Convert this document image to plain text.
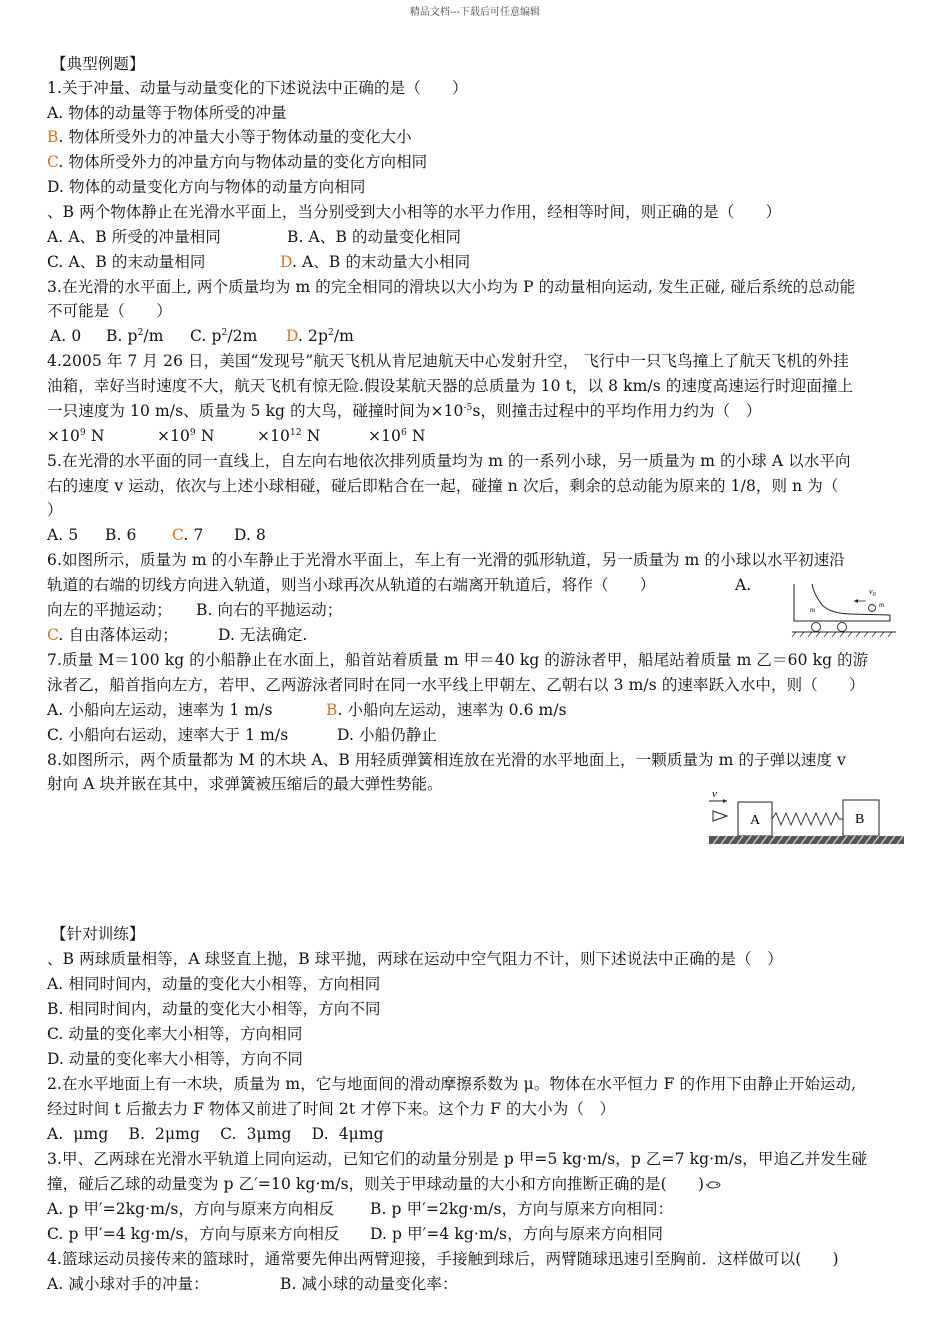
精品文档---下载后可任意编辑
【典型例题】
1.关于冲量、动量与动量变化的下述说法中正确的是（　　）
A. 物体的动量等于物体所受的冲量
B. 物体所受外力的冲量大小等于物体动量的变化大小
C. 物体所受外力的冲量方向与物体动量的变化方向相同
D. 物体的动量变化方向与物体的动量方向相同
、B 两个物体静止在光滑水平面上，当分别受到大小相等的水平力作用，经相等时间，则正确的是（　　）
A. A、B 所受的冲量相同	B. A、B 的动量变化相同
C. A、B 的末动量相同	D. A、B 的末动量大小相同
3.在光滑的水平面上, 两个质量均为 m 的完全相同的滑块以大小均为 P 的动量相向运动, 发生正碰, 碰后系统的总动能
不可能是（　　）
A. 0 B. $p^2/m$ C. $p^2/2m$ D. $2p^2/m$
4.2005 年 7 月 26 日，美国“发现号”航天飞机从肯尼迪航天中心发射升空， 飞行中一只飞鸟撞上了航天飞机的外挂
油箱，幸好当时速度不大，航天飞机有惊无险.假设某航天器的总质量为 10 t，以 8 km/s 的速度高速运行时迎面撞上
一只速度为 10 m/s、质量为 5 kg 的大鸟，碰撞时间为$\times 10^{-5}s$，则撞击过程中的平均作用力约为（　）
$\times 10^9$ N	$\times 10^9$ N	$\times 10^{12}$ N	$\times 10^6$ N
5.在光滑的水平面的同一直线上，自左向右地依次排列质量均为 m 的一系列小球，另一质量为 m 的小球 A 以水平向
右的速度 v 运动，依次与上述小球相碰，碰后即粘合在一起，碰撞 n 次后，剩余的总动能为原来的 1/8，则 n 为（
）
A. 5 B. 6 C. 7 D. 8
6.如图所示，质量为 m 的小车静止于光滑水平面上，车上有一光滑的弧形轨道，另一质量为 m 的小球以水平初速沿
轨道的右端的切线方向进入轨道，则当小球再次从轨道的右端离开轨道后，将作（　　）	A.
向左的平抛运动； B. 向右的平抛运动；
C. 自由落体运动；	D. 无法确定.
$v_0$
m
m
7.质量 M＝100 kg 的小船静止在水面上，船首站着质量 m 甲＝40 kg 的游泳者甲，船尾站着质量 m 乙＝60 kg 的游
泳者乙，船首指向左方，若甲、乙两游泳者同时在同一水平线上甲朝左、乙朝右以 3 m/s 的速率跃入水中，则（　　）
A. 小船向左运动，速率为 1 m/s	B. 小船向左运动，速率为 0.6 m/s
C. 小船向右运动，速率大于 1 m/s	D. 小船仍静止
8.如图所示，两个质量都为 M 的木块 A、B 用轻质弹簧相连放在光滑的水平地面上，一颗质量为 m 的子弹以速度 v
射向 A 块并嵌在其中，求弹簧被压缩后的最大弹性势能。
v
A	B
【针对训练】
、B 两球质量相等，A 球竖直上抛，B 球平抛，两球在运动中空气阻力不计，则下述说法中正确的是（　）
A. 相同时间内，动量的变化大小相等，方向相同
B. 相同时间内，动量的变化大小相等，方向不同
C. 动量的变化率大小相等，方向相同
D. 动量的变化率大小相等，方向不同
2.在水平地面上有一木块，质量为 m，它与地面间的滑动摩擦系数为 μ。物体在水平恒力 F 的作用下由静止开始运动,
经过时间 t 后撤去力 F 物体又前进了时间 2t 才停下来。这个力 F 的大小为（　）
A.  μmg    B.  2μmg    C.  3μmg    D.  4μmg
3.甲、乙两球在光滑水平轨道上同向运动，已知它们的动量分别是 p 甲=5 kg·m/s，p 乙=7 kg·m/s，甲追乙并发生碰
撞，碰后乙球的动量变为 p 乙′=10 kg·m/s，则关于甲球动量的大小和方向推断正确的是(　　)
A. p 甲′=2kg·m/s，方向与原来方向相反 B. p 甲′=2kg·m/s，方向与原来方向相同：
C. p 甲′=4 kg·m/s，方向与原来方向相反 D. p 甲′=4 kg·m/s，方向与原来方向相同
4.篮球运动员接传来的篮球时，通常要先伸出两臂迎接，手接触到球后，两臂随球迅速引至胸前．这样做可以(　　)
A. 减小球对手的冲量：	B. 减小球的动量变化率：
